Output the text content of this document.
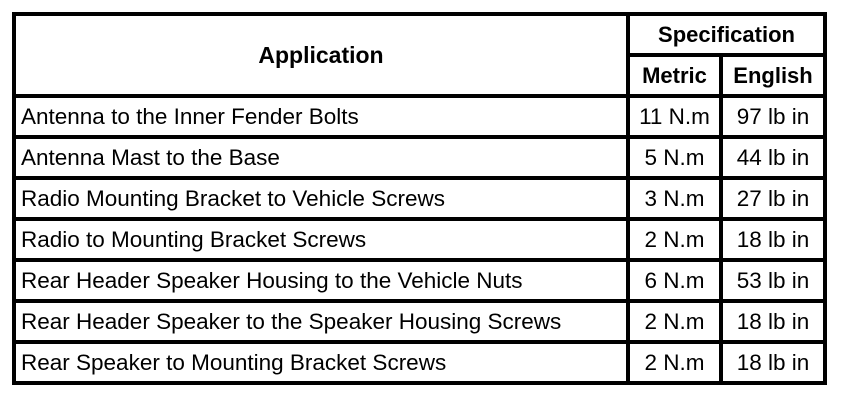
Application	Specification	
	Metric	English
Antenna to the Inner Fender Bolts	11 N.m	97 lb in
Antenna Mast to the Base	5 N.m	44 lb in
Radio Mounting Bracket to Vehicle Screws	3 N.m	27 lb in
Radio to Mounting Bracket Screws	2 N.m	18 lb in
Rear Header Speaker Housing to the Vehicle Nuts	6 N.m	53 lb in
Rear Header Speaker to the Speaker Housing Screws	2 N.m	18 lb in
Rear Speaker to Mounting Bracket Screws	2 N.m	18 lb in
